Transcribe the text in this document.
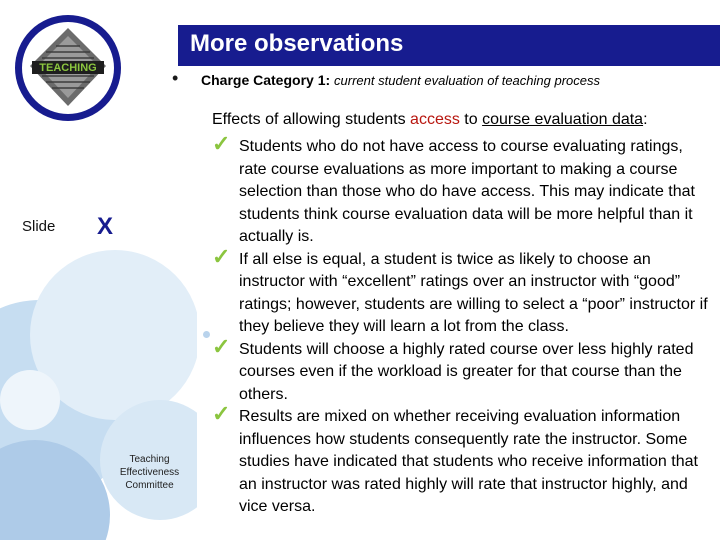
More observations
TEACHING
Slide X
Teaching Effectiveness Committee
• Charge Category 1: current student evaluation of teaching process
Effects of allowing students access to course evaluation data:
✓ Students who do not have access to course evaluating ratings, rate course evaluations as more important to making a course selection than those who do have access. This may indicate that students think course evaluation data will be more helpful than it actually is.
✓ If all else is equal, a student is twice as likely to choose an instructor with “excellent” ratings over an instructor with “good” ratings; however, students are willing to select a “poor” instructor if they believe they will learn a lot from the class.
✓ Students will choose a highly rated course over less highly rated courses even if the workload is greater for that course than the others.
✓ Results are mixed on whether receiving evaluation information influences how students consequently rate the instructor. Some studies have indicated that students who receive information that an instructor was rated highly will rate that instructor highly, and vice versa.
